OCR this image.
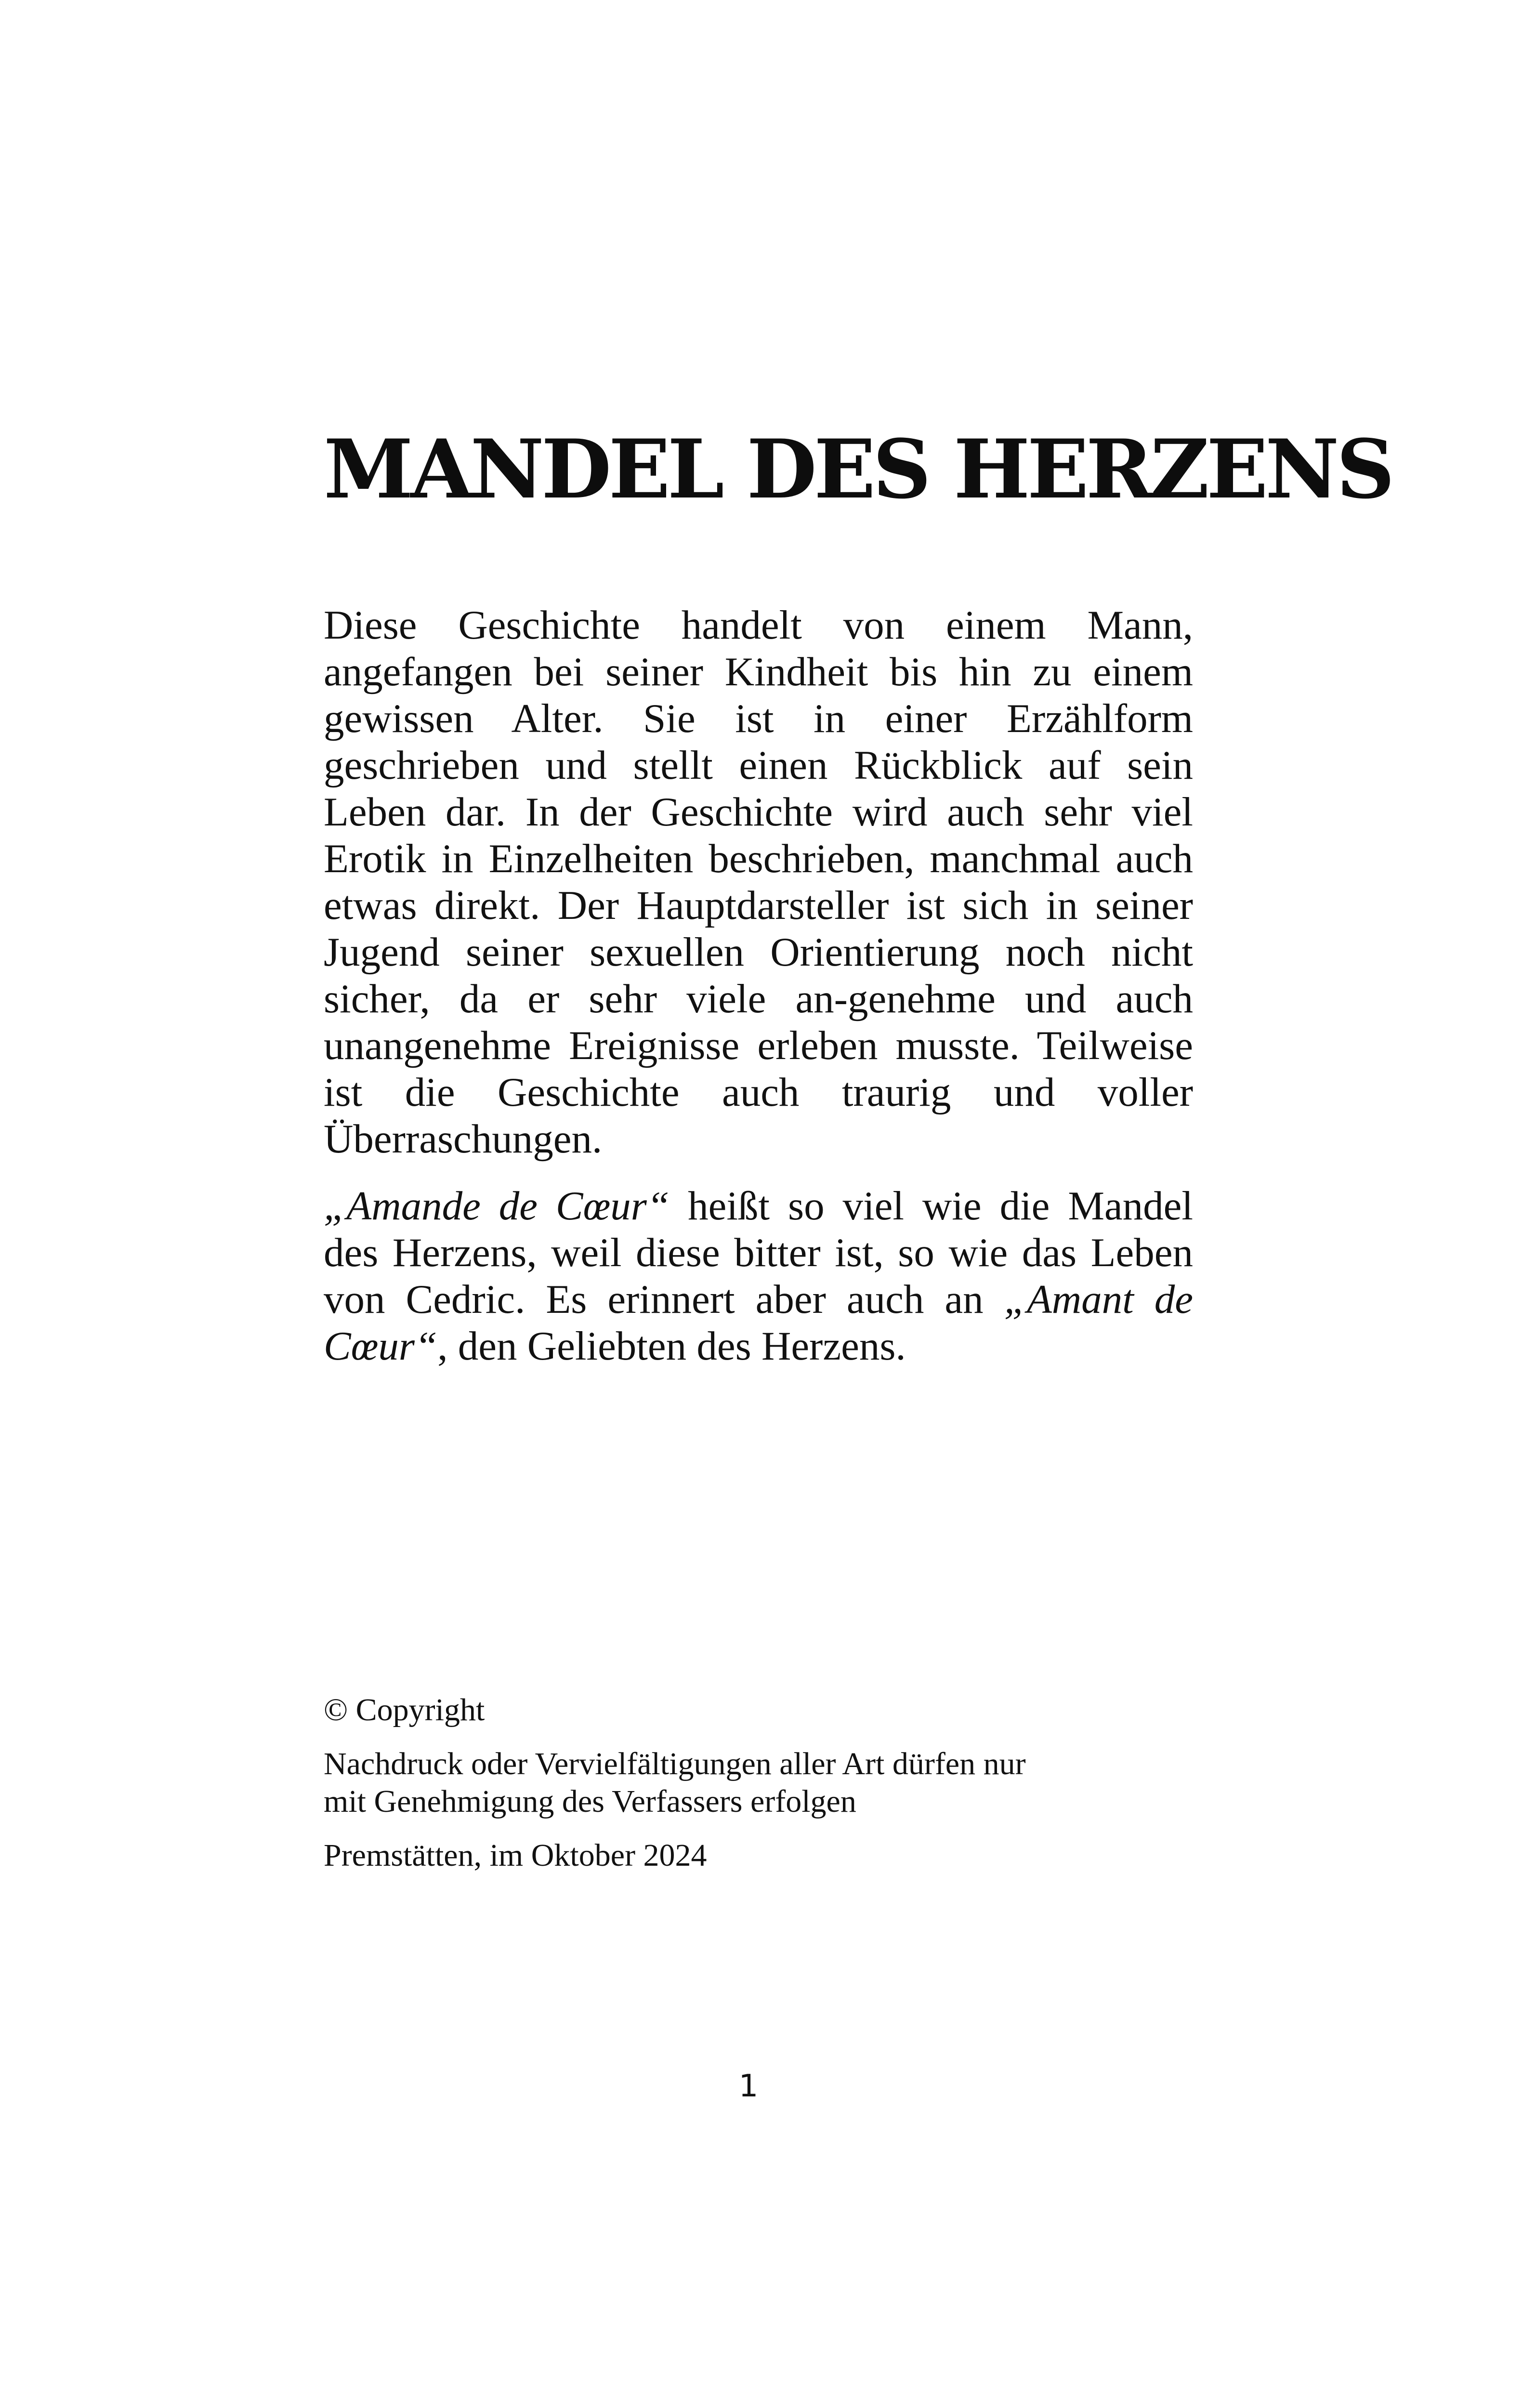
MANDEL DES HERZENS

Diese Geschichte handelt von einem Mann, angefangen bei seiner Kindheit bis hin zu einem gewissen Alter. Sie ist in einer Erzählform geschrieben und stellt einen Rückblick auf sein Leben dar. In der Geschichte wird auch sehr viel Erotik in Einzelheiten beschrieben, manchmal auch etwas direkt. Der Hauptdarsteller ist sich in seiner Jugend seiner sexuellen Orientierung noch nicht sicher, da er sehr viele an-genehme und auch unangenehme Ereignisse erleben musste. Teilweise ist die Geschichte auch traurig und voller Überraschungen.

„Amande de Cœur“ heißt so viel wie die Mandel des Herzens, weil diese bitter ist, so wie das Leben von Cedric. Es erinnert aber auch an „Amant de Cœur“, den Geliebten des Herzens.

© Copyright

Nachdruck oder Vervielfältigungen aller Art dürfen nur
mit Genehmigung des Verfassers erfolgen

Premstätten, im Oktober 2024

1
